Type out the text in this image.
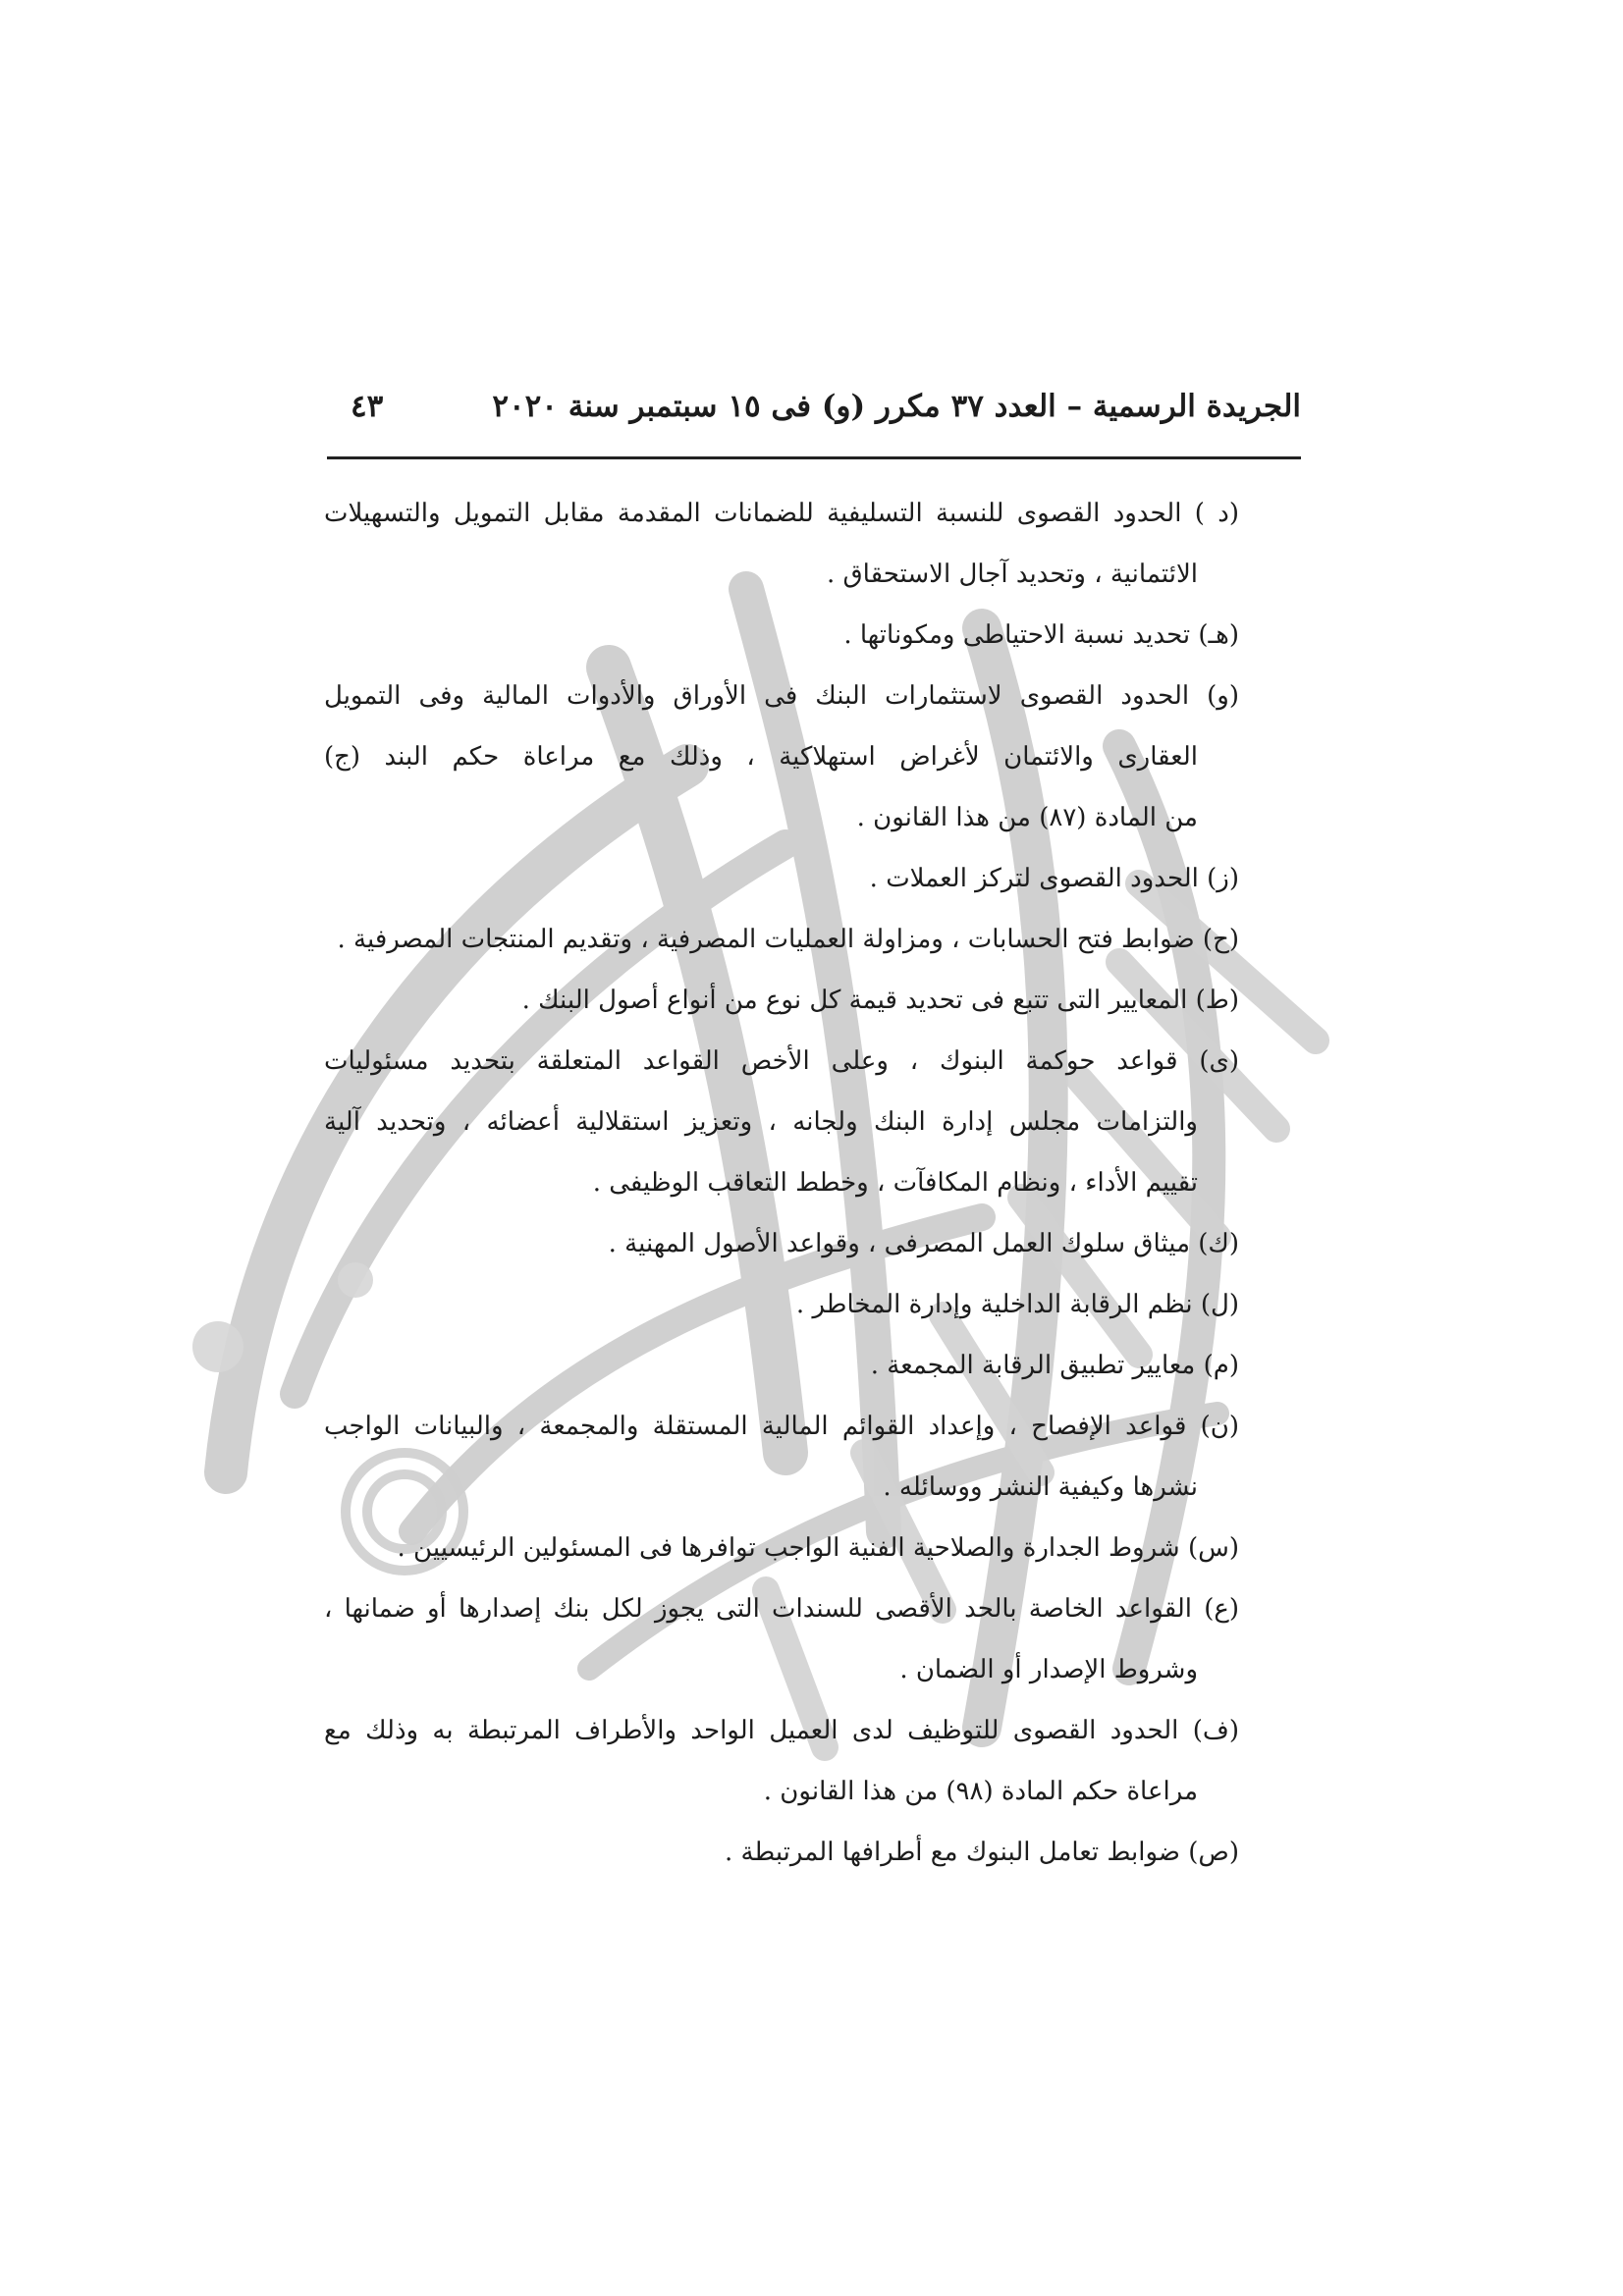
الجريدة الرسمية – العدد ٣٧ مكرر (و) فى ١٥ سبتمبر سنة ٢٠٢٠
٤٣
(د ) الحدود القصوى للنسبة التسليفية للضمانات المقدمة مقابل التمويل والتسهيلات
الائتمانية ، وتحديد آجال الاستحقاق .
(هـ) تحديد نسبة الاحتياطى ومكوناتها .
(و) الحدود القصوى لاستثمارات البنك فى الأوراق والأدوات المالية وفى التمويل
العقارى والائتمان لأغراض استهلاكية ، وذلك مع مراعاة حكم البند (ج)
من المادة (٨٧) من هذا القانون .
(ز) الحدود القصوى لتركز العملات .
(ح) ضوابط فتح الحسابات ، ومزاولة العمليات المصرفية ، وتقديم المنتجات المصرفية .
(ط) المعايير التى تتبع فى تحديد قيمة كل نوع من أنواع أصول البنك .
(ى) قواعد حوكمة البنوك ، وعلى الأخص القواعد المتعلقة بتحديد مسئوليات
والتزامات مجلس إدارة البنك ولجانه ، وتعزيز استقلالية أعضائه ، وتحديد آلية
تقييم الأداء ، ونظام المكافآت ، وخطط التعاقب الوظيفى .
(ك) ميثاق سلوك العمل المصرفى ، وقواعد الأصول المهنية .
(ل) نظم الرقابة الداخلية وإدارة المخاطر .
(م) معايير تطبيق الرقابة المجمعة .
(ن) قواعد الإفصاح ، وإعداد القوائم المالية المستقلة والمجمعة ، والبيانات الواجب
نشرها وكيفية النشر ووسائله .
(س) شروط الجدارة والصلاحية الفنية الواجب توافرها فى المسئولين الرئيسيين .
(ع) القواعد الخاصة بالحد الأقصى للسندات التى يجوز لكل بنك إصدارها أو ضمانها ،
وشروط الإصدار أو الضمان .
(ف) الحدود القصوى للتوظيف لدى العميل الواحد والأطراف المرتبطة به وذلك مع
مراعاة حكم المادة (٩٨) من هذا القانون .
(ص) ضوابط تعامل البنوك مع أطرافها المرتبطة .
